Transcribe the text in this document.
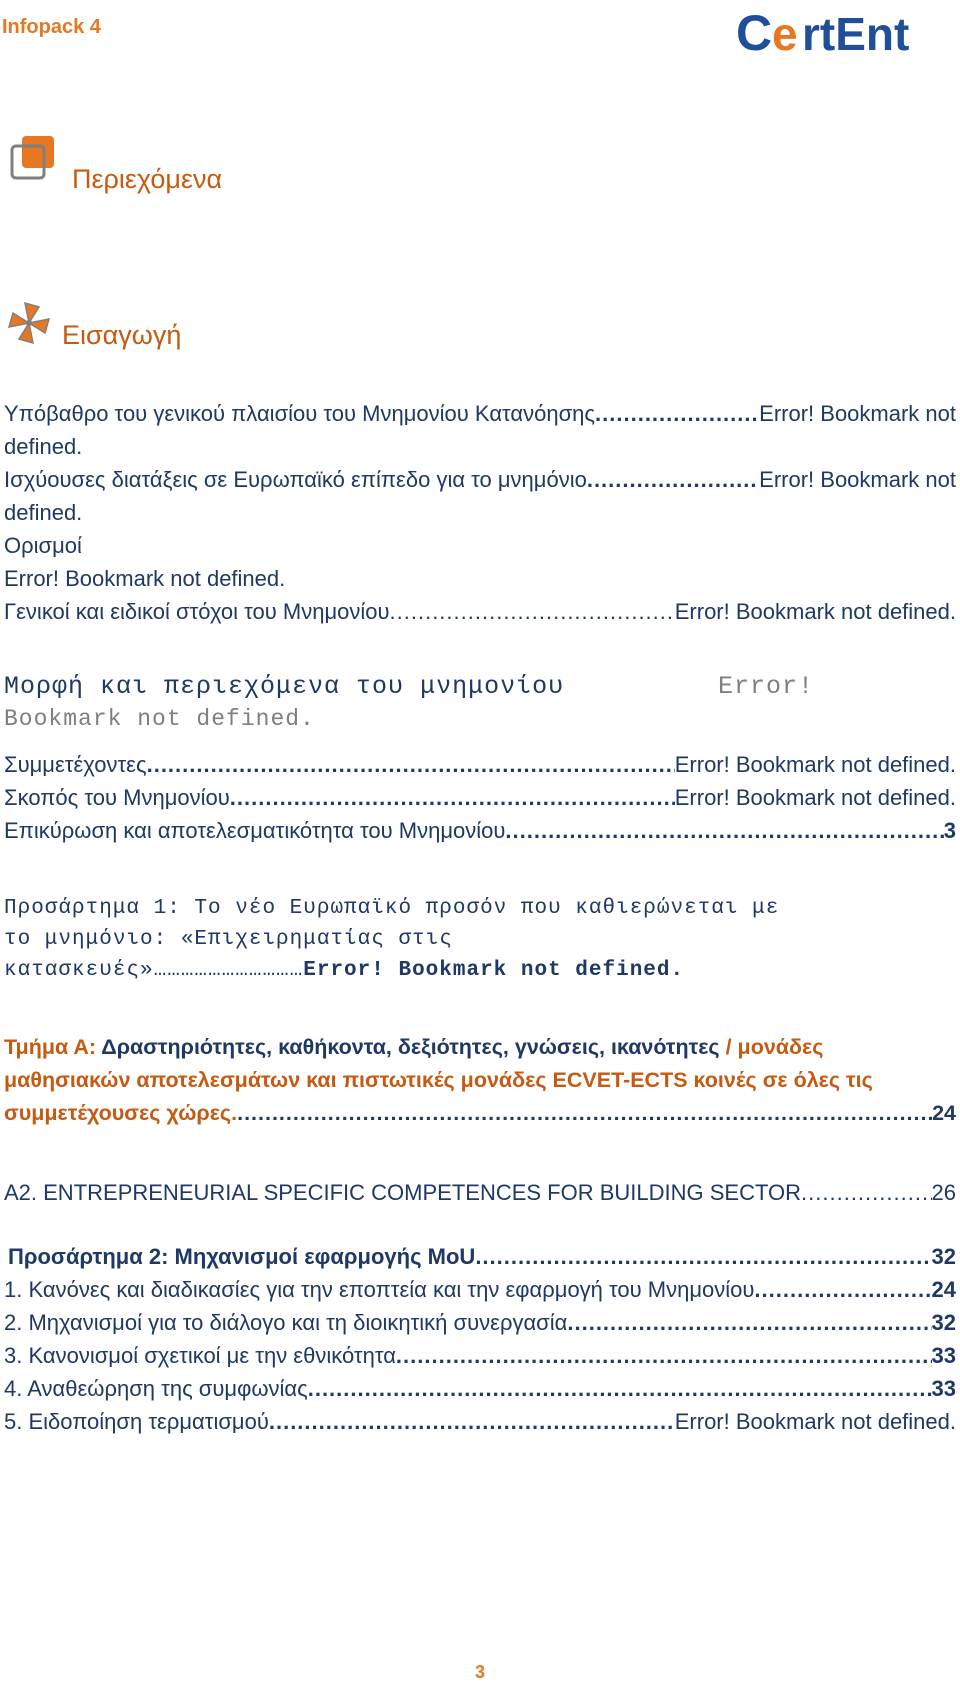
Infopack 4	C e rtEnt
Περιεχόμενα
Εισαγωγή
Υπόβαθρο του γενικού πλαισίου του Μνημονίου Κατανόησης .....	Error! Bookmark not
defined.
Ισχύουσες διατάξεις σε Ευρωπαϊκό επίπεδο για το μνημόνιο .....	Error! Bookmark not
defined.
Ορισμοί
Error! Bookmark not defined.
Γενικοί και ειδικοί στόχοι του Μνημονίου .....	Error! Bookmark not defined.
Μορφή και περιεχόμενα του μνημονίου	Error!
Bookmark not defined.
Συμμετέχοντες .....	Error! Bookmark not defined.
Σκοπός του Μνημονίου .....	Error! Bookmark not defined.
Επικύρωση και αποτελεσματικότητα του Μνημονίου .....	3
Προσάρτημα 1: Το νέο Ευρωπαϊκό προσόν που καθιερώνεται με
το μνημόνιο: «Επιχειρηματίας στις
κατασκευές»……………………………Error! Bookmark not defined.
Τμήμα Α: Δραστηριότητες, καθήκοντα, δεξιότητες, γνώσεις, ικανότητες / μονάδες
μαθησιακών αποτελεσμάτων και πιστωτικές μονάδες ECVET-ECTS κοινές σε όλες τις
συμμετέχουσες χώρες. .....	24
A2. ENTREPRENEURIAL SPECIFIC COMPETENCES FOR BUILDING SECTOR .....	26
Προσάρτημα 2: Μηχανισμοί εφαρμογής MoU .....	32
1. Κανόνες και διαδικασίες για την εποπτεία και την εφαρμογή του Μνημονίου .....	24
2. Μηχανισμοί για το διάλογο και τη διοικητική συνεργασία .....	32
3. Κανονισμοί σχετικοί με την εθνικότητα .....	33
4. Αναθεώρηση της συμφωνίας .....	33
5. Ειδοποίηση τερματισμού .....	Error! Bookmark not defined.
3
